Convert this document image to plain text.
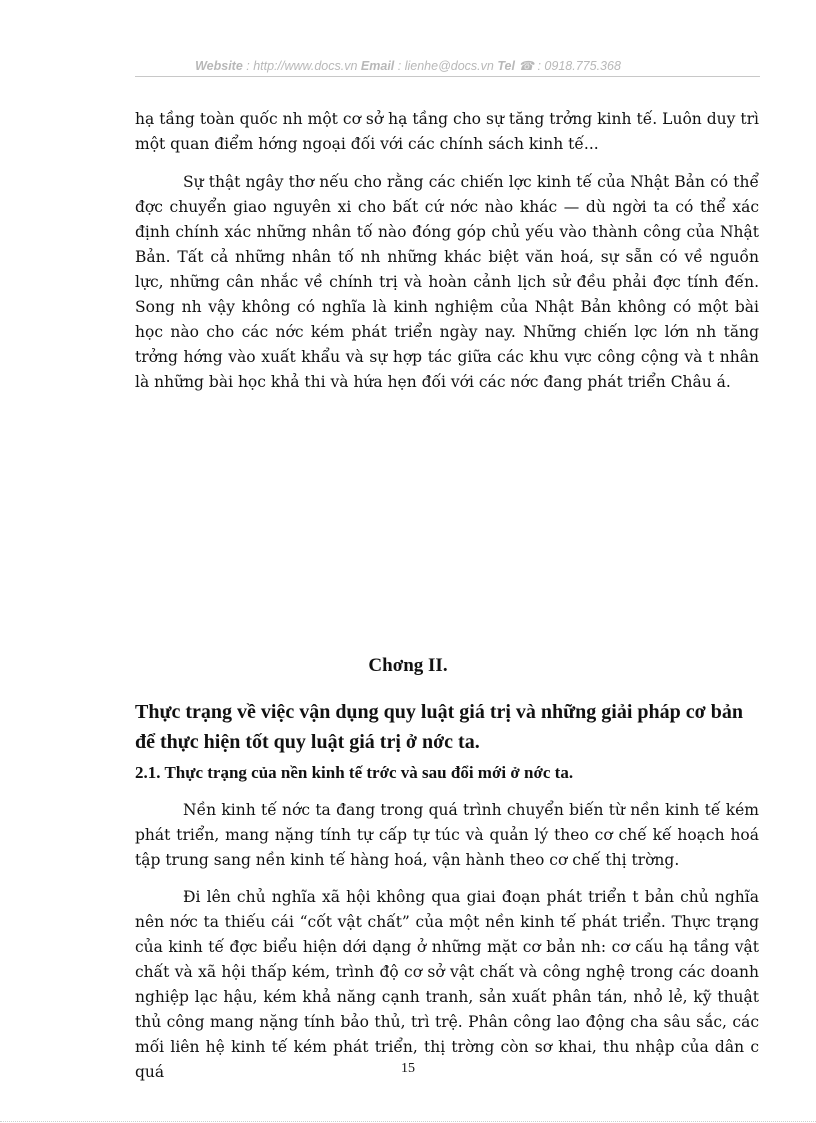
Website : http://www.docs.vn Email : lienhe@docs.vn Tel ☎ : 0918.775.368

hạ tầng toàn quốc nh một cơ sở hạ tầng cho sự tăng trởng kinh tế. Luôn duy trì một quan điểm hớng ngoại đối với các chính sách kinh tế...

Sự thật ngây thơ nếu cho rằng các chiến lợc kinh tế của Nhật Bản có thể đợc chuyển giao nguyên xi cho bất cứ nớc nào khác — dù ngời ta có thể xác định chính xác những nhân tố nào đóng góp chủ yếu vào thành công của Nhật Bản. Tất cả những nhân tố nh những khác biệt văn hoá, sự sẵn có về nguồn lực, những cân nhắc về chính trị và hoàn cảnh lịch sử đều phải đợc tính đến. Song nh vậy không có nghĩa là kinh nghiệm của Nhật Bản không có một bài học nào cho các nớc kém phát triển ngày nay. Những chiến lợc lớn nh tăng trởng hớng vào xuất khẩu và sự hợp tác giữa các khu vực công cộng và t nhân là những bài học khả thi và hứa hẹn đối với các nớc đang phát triển Châu á.

Chơng II.
Thực trạng về việc vận dụng quy luật giá trị và những giải pháp cơ bản để thực hiện tốt quy luật giá trị ở nớc ta.
2.1. Thực trạng của nền kinh tế trớc và sau đổi mới ở nớc ta.

Nền kinh tế nớc ta đang trong quá trình chuyển biến từ nền kinh tế kém phát triển, mang nặng tính tự cấp tự túc và quản lý theo cơ chế kế hoạch hoá tập trung sang nền kinh tế hàng hoá, vận hành theo cơ chế thị trờng.

Đi lên chủ nghĩa xã hội không qua giai đoạn phát triển t bản chủ nghĩa nên nớc ta thiếu cái “cốt vật chất” của một nền kinh tế phát triển. Thực trạng của kinh tế đợc biểu hiện dới dạng ở những mặt cơ bản nh: cơ cấu hạ tầng vật chất và xã hội thấp kém, trình độ cơ sở vật chất và công nghệ trong các doanh nghiệp lạc hậu, kém khả năng cạnh tranh, sản xuất phân tán, nhỏ lẻ, kỹ thuật thủ công mang nặng tính bảo thủ, trì trệ. Phân công lao động cha sâu sắc, các mối liên hệ kinh tế kém phát triển, thị trờng còn sơ khai, thu nhập của dân c quá	15
